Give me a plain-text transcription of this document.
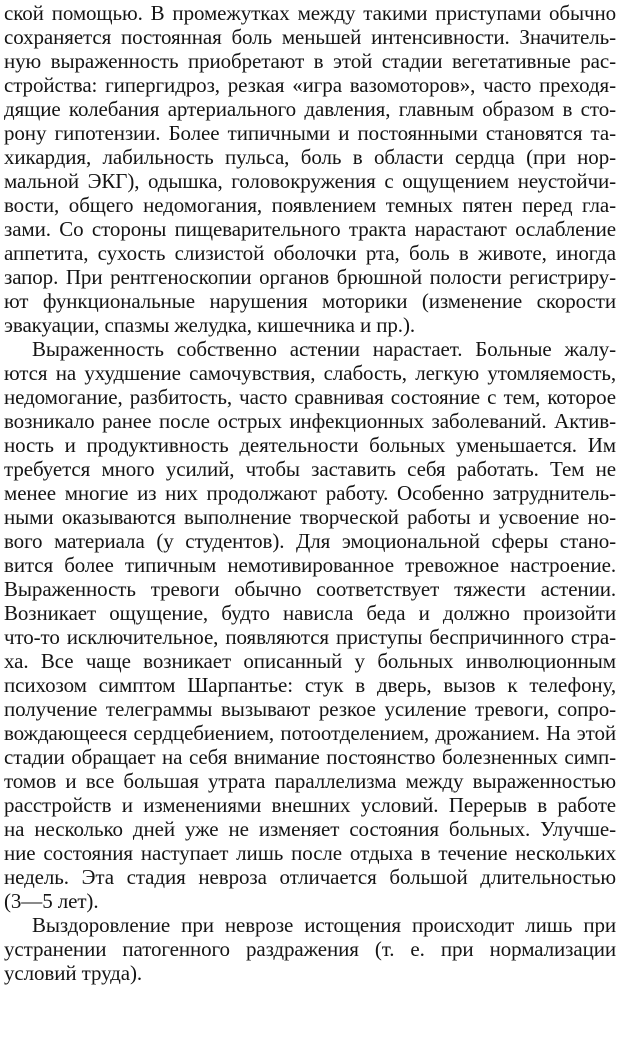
ской помощью. В промежутках между такими приступами обычно
сохраняется постоянная боль меньшей интенсивности. Значитель-
ную выраженность приобретают в этой стадии вегетативные рас-
стройства: гипергидроз, резкая «игра вазомоторов», часто преходя-
дящие колебания артериального давления, главным образом в сто-
рону гипотензии. Более типичными и постоянными становятся та-
хикардия, лабильность пульса, боль в области сердца (при нор-
мальной ЭКГ), одышка, головокружения с ощущением неустойчи-
вости, общего недомогания, появлением темных пятен перед гла-
зами. Со стороны пищеварительного тракта нарастают ослабление
аппетита, сухость слизистой оболочки рта, боль в животе, иногда
запор. При рентгеноскопии органов брюшной полости регистриру-
ют функциональные нарушения моторики (изменение скорости
эвакуации, спазмы желудка, кишечника и пр.).
Выраженность собственно астении нарастает. Больные жалу-
ются на ухудшение самочувствия, слабость, легкую утомляемость,
недомогание, разбитость, часто сравнивая состояние с тем, которое
возникало ранее после острых инфекционных заболеваний. Актив-
ность и продуктивность деятельности больных уменьшается. Им
требуется много усилий, чтобы заставить себя работать. Тем не
менее многие из них продолжают работу. Особенно затруднитель-
ными оказываются выполнение творческой работы и усвоение но-
вого материала (у студентов). Для эмоциональной сферы стано-
вится более типичным немотивированное тревожное настроение.
Выраженность тревоги обычно соответствует тяжести астении.
Возникает ощущение, будто нависла беда и должно произойти
что-то исключительное, появляются приступы беспричинного стра-
ха. Все чаще возникает описанный у больных инволюционным
психозом симптом Шарпантье: стук в дверь, вызов к телефону,
получение телеграммы вызывают резкое усиление тревоги, сопро-
вождающееся сердцебиением, потоотделением, дрожанием. На этой
стадии обращает на себя внимание постоянство болезненных симп-
томов и все большая утрата параллелизма между выраженностью
расстройств и изменениями внешних условий. Перерыв в работе
на несколько дней уже не изменяет состояния больных. Улучше-
ние состояния наступает лишь после отдыха в течение нескольких
недель. Эта стадия невроза отличается большой длительностью
(3—5 лет).
Выздоровление при неврозе истощения происходит лишь при
устранении патогенного раздражения (т. е. при нормализации
условий труда).
